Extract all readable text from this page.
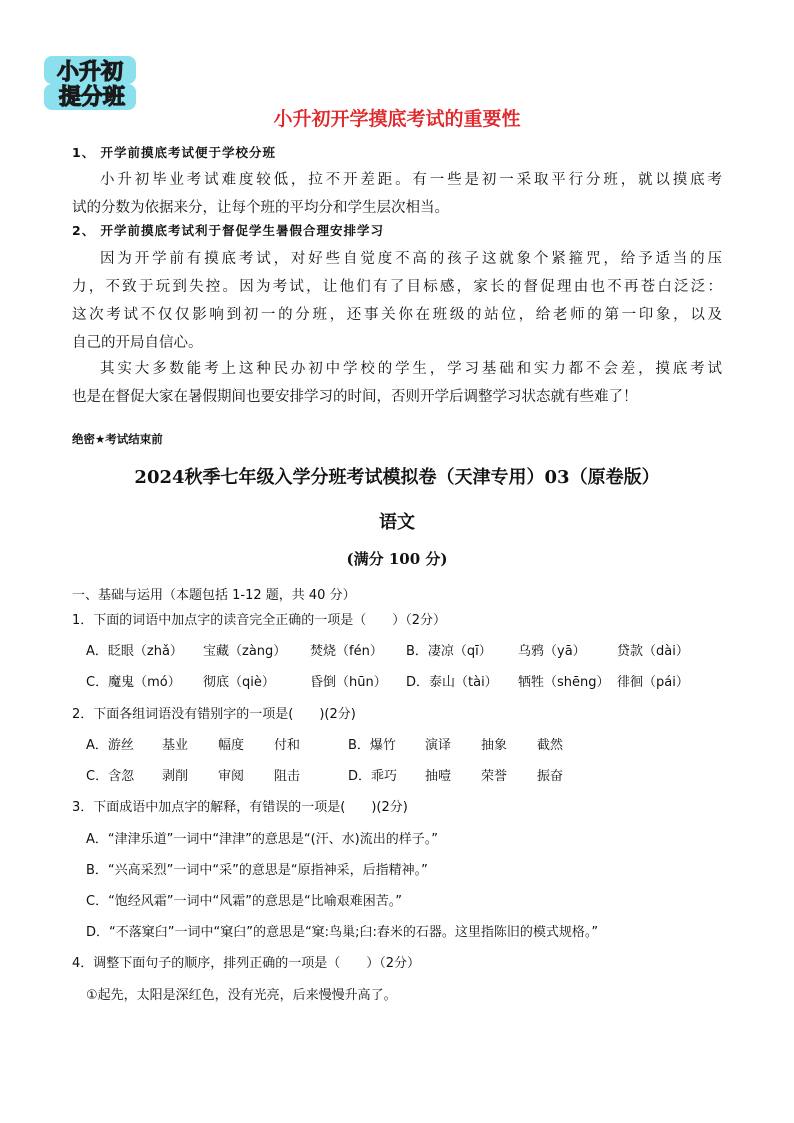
小升初
提分班
小升初开学摸底考试的重要性
1、 开学前摸底考试便于学校分班
小升初毕业考试难度较低，拉不开差距。有一些是初一采取平行分班，就以摸底考
试的分数为依据来分，让每个班的平均分和学生层次相当。
2、 开学前摸底考试利于督促学生暑假合理安排学习
因为开学前有摸底考试，对好些自觉度不高的孩子这就象个紧箍咒，给予适当的压
力，不致于玩到失控。因为考试，让他们有了目标感，家长的督促理由也不再苍白泛泛：
这次考试不仅仅影响到初一的分班，还事关你在班级的站位，给老师的第一印象，以及
自己的开局自信心。
其实大多数能考上这种民办初中学校的学生，学习基础和实力都不会差，摸底考试
也是在督促大家在暑假期间也要安排学习的时间，否则开学后调整学习状态就有些难了！
绝密★考试结束前
2024秋季七年级入学分班考试模拟卷（天津专用）03（原卷版）
语文
(满分 100 分)
一、基础与运用（本题包括 1-12 题，共 40 分）
1．下面的词语中加点字的读音完全正确的一项是（　　）（2分）
A．眨眼（zhǎ） 宝藏（zàng） 焚烧（fén） B．凄凉（qī） 乌鸦（yā） 贷款（dài）
C．魔鬼（mó） 彻底（qiè）	昏倒（hūn） D．泰山（tài） 牺牲（shēng） 徘徊（pái）
2．下面各组词语没有错别字的一项是(　　)(2分)
A．游丝 基业 幅度 付和	B．爆竹 演译 抽象 截然
C．含忽 剥削 审阅 阻击	D．乖巧 抽噎 荣誉 振奋
3．下面成语中加点字的解释，有错误的一项是(　　)(2分)
A．“津津乐道”一词中“津津”的意思是“(汗、水)流出的样子。”
B．“兴高采烈”一词中“采”的意思是“原指神采，后指精神。”
C．“饱经风霜”一词中“风霜”的意思是“比喻艰难困苦。”
D．“不落窠臼”一词中“窠臼”的意思是“窠:鸟巢;臼:舂米的石器。这里指陈旧的模式规格。”
4．调整下面句子的顺序，排列正确的一项是（　　）（2分）
①起先，太阳是深红色，没有光亮，后来慢慢升高了。
